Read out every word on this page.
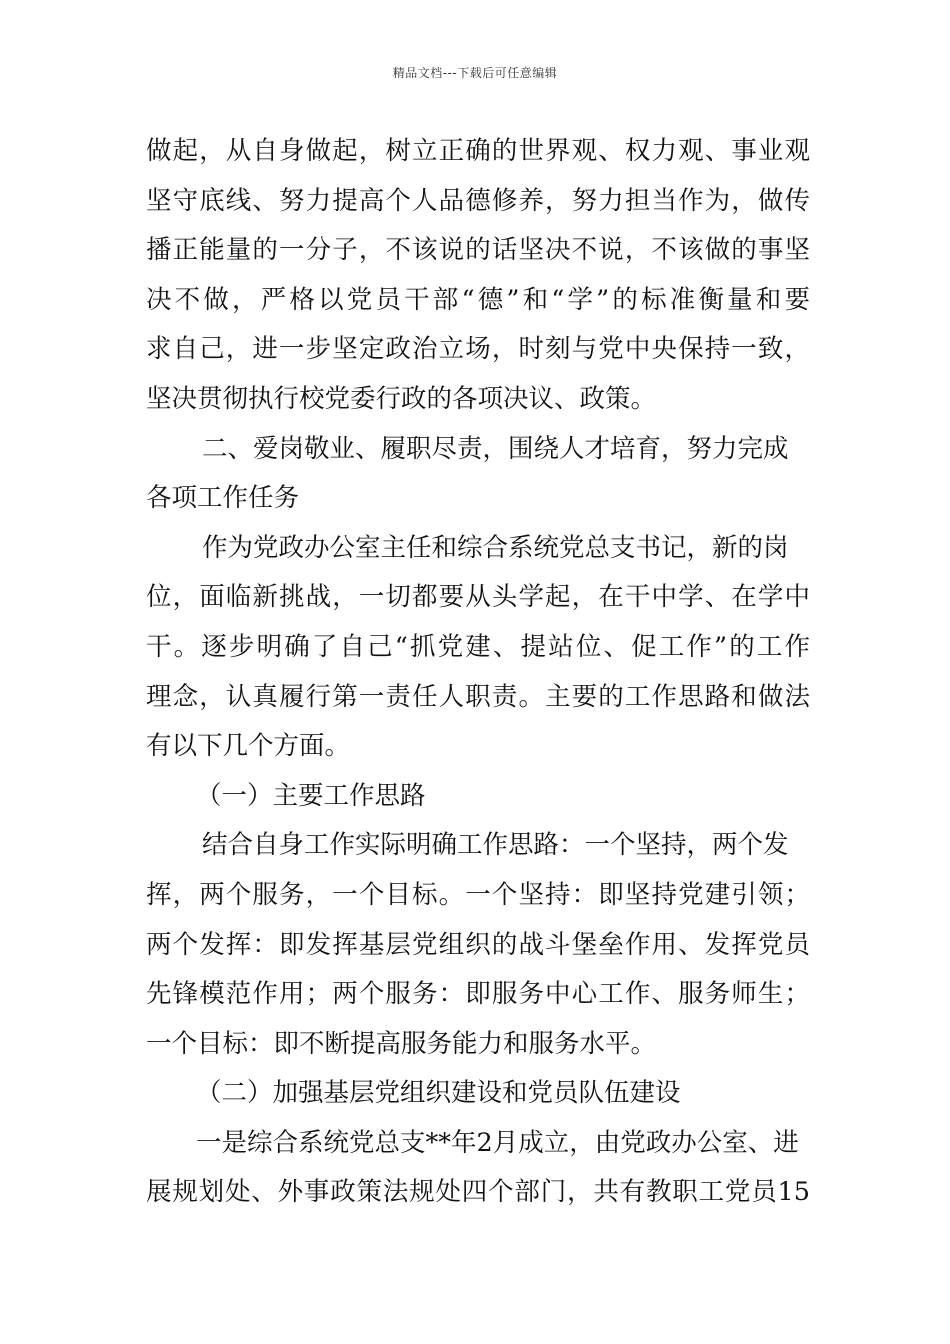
精品文档---下载后可任意编辑
做起，从自身做起，树立正确的世界观、权力观、事业观
坚守底线、努力提高个人品德修养，努力担当作为，做传
播正能量的一分子，不该说的话坚决不说，不该做的事坚
决不做，严格以党员干部“德”和“学”的标准衡量和要
求自己，进一步坚定政治立场，时刻与党中央保持一致，
坚决贯彻执行校党委行政的各项决议、政策。
二、爱岗敬业、履职尽责，围绕人才培育，努力完成
各项工作任务
作为党政办公室主任和综合系统党总支书记，新的岗
位，面临新挑战，一切都要从头学起，在干中学、在学中
干。逐步明确了自己“抓党建、提站位、促工作”的工作
理念，认真履行第一责任人职责。主要的工作思路和做法
有以下几个方面。
（一）主要工作思路
结合自身工作实际明确工作思路：一个坚持，两个发
挥，两个服务，一个目标。一个坚持：即坚持党建引领；
两个发挥：即发挥基层党组织的战斗堡垒作用、发挥党员
先锋模范作用；两个服务：即服务中心工作、服务师生；
一个目标：即不断提高服务能力和服务水平。
（二）加强基层党组织建设和党员队伍建设
一是综合系统党总支**年2月成立，由党政办公室、进
展规划处、外事政策法规处四个部门，共有教职工党员15
